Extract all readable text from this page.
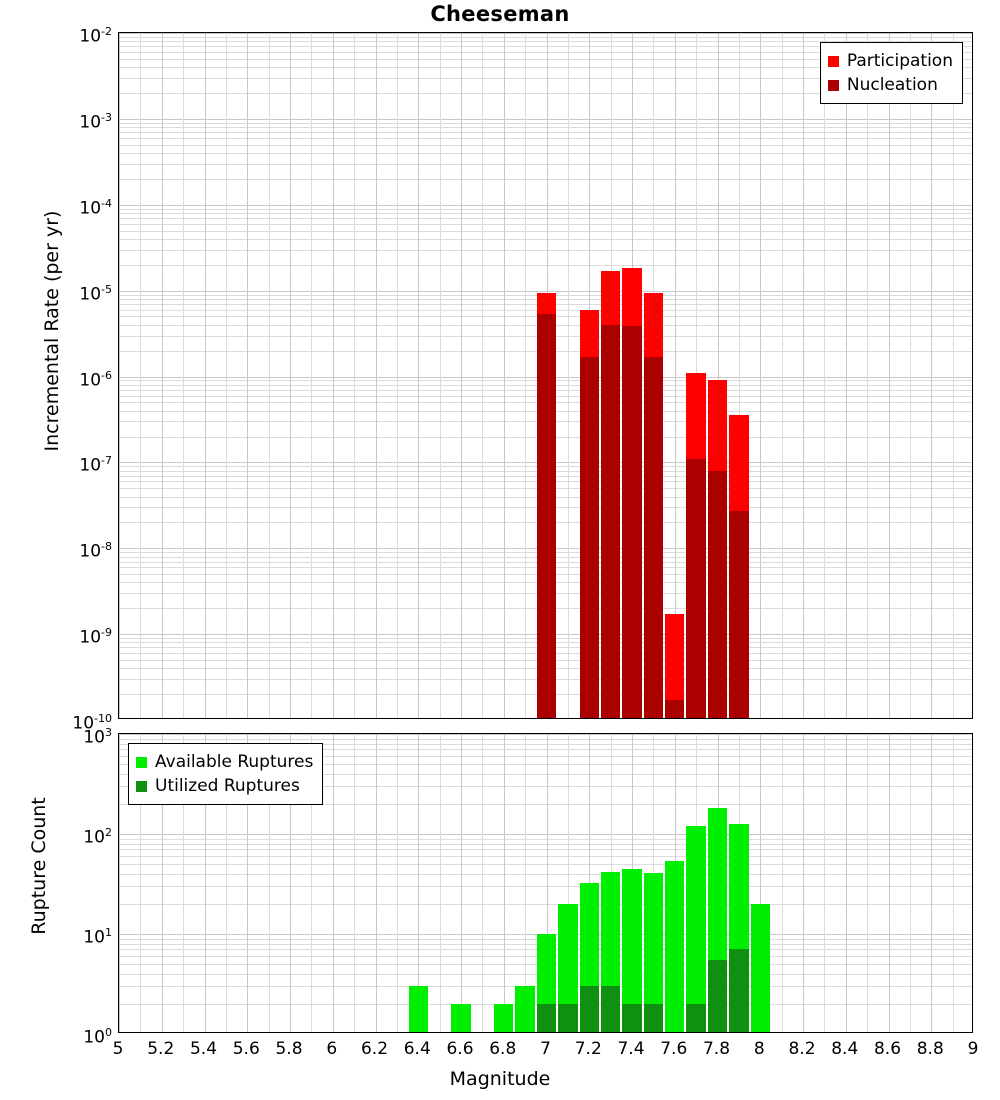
Cheeseman
Participation
Nucleation
Incremental Rate (per yr)
Available Ruptures
Utilized Ruptures
Rupture Count
$10^{-2}$
$10^{-3}$
$10^{-4}$
$10^{-5}$
$10^{-6}$
$10^{-7}$
$10^{-8}$
$10^{-9}$
$10^{-10}$
$10^3$
$10^2$
$10^1$
$10^0$
5	5.2 5.4 5.6 5.8	6	6.2 6.4 6.6 6.8	7	7.2 7.4 7.6 7.8	8	8.2 8.4 8.6 8.8	9
Magnitude
